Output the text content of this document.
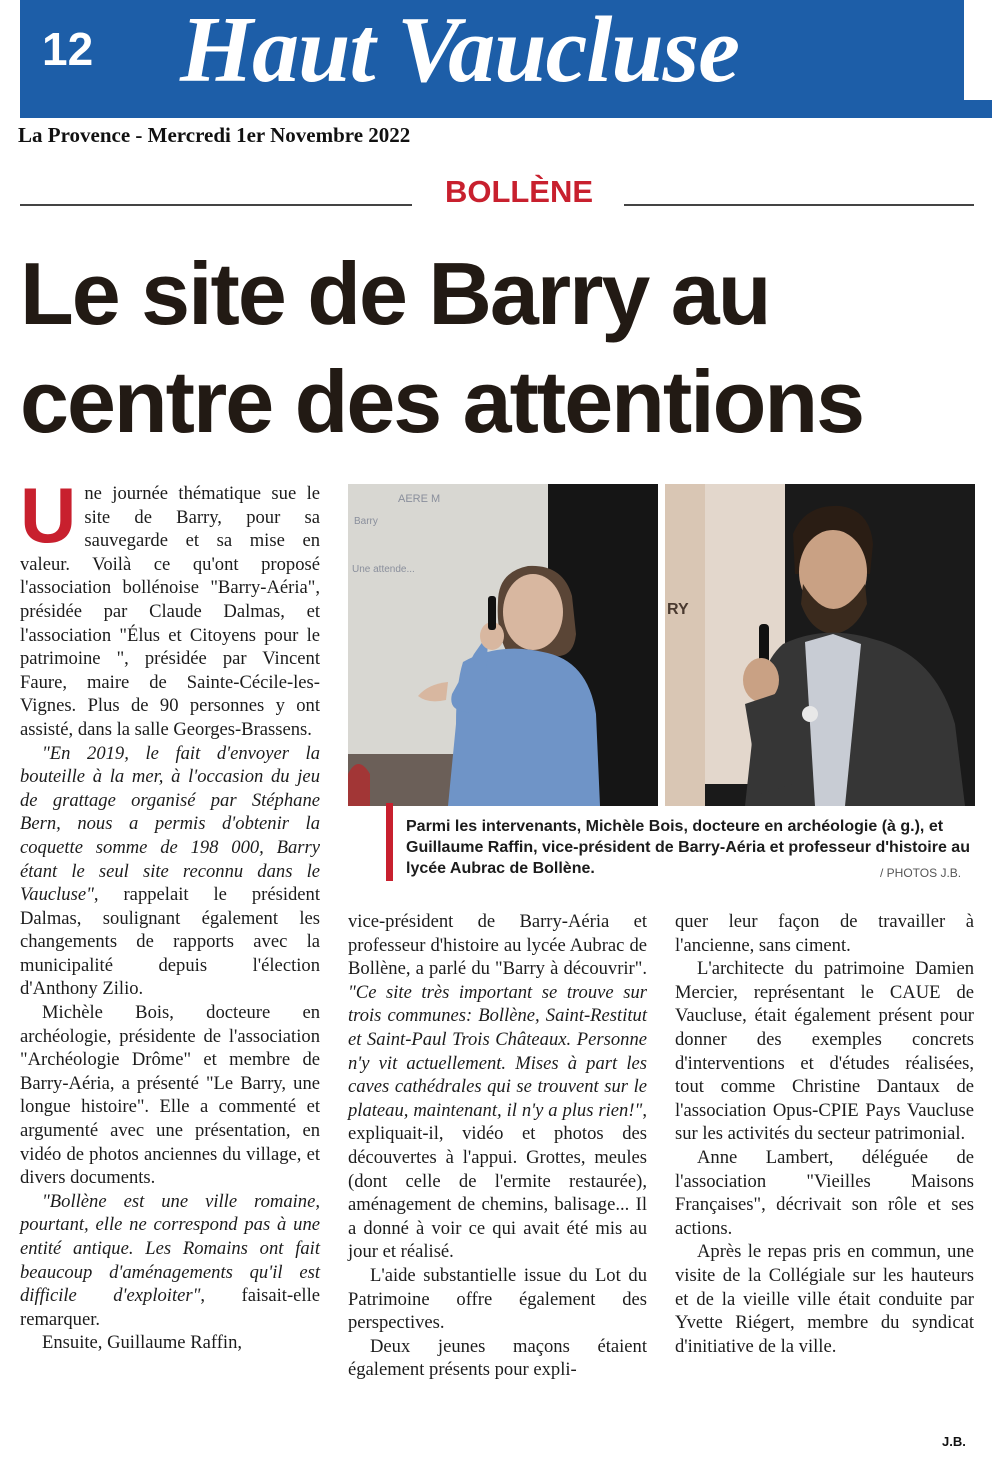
12 Haut Vaucluse
La Provence - Mercredi 1er Novembre 2022
BOLLÈNE
Le site de Barry au
centre des attentions

Une journée thématique sue le site de Barry, pour sa sauvegarde et sa mise en valeur. Voilà ce qu'ont proposé l'association bollénoise "Barry-Aéria", présidée par Claude Dalmas, et l'association "Élus et Citoyens pour le patrimoine ", présidée par Vincent Faure, maire de Sainte-Cécile-les-Vignes. Plus de 90 personnes y ont assisté, dans la salle Georges-Brassens.

"En 2019, le fait d'envoyer la bouteille à la mer, à l'occasion du jeu de grattage organisé par Stéphane Bern, nous a permis d'obtenir la coquette somme de 198 000, Barry étant le seul site reconnu dans le Vaucluse", rappelait le président Dalmas, soulignant également les changements de rapports avec la municipalité depuis l'élection d'Anthony Zilio.

Michèle Bois, docteure en archéologie, présidente de l'association "Archéologie Drôme" et membre de Barry-Aéria, a présenté "Le Barry, une longue histoire". Elle a commenté et argumenté avec une présentation, en vidéo de photos anciennes du village, et divers documents.

"Bollène est une ville romaine, pourtant, elle ne correspond pas à une entité antique. Les Romains ont fait beaucoup d'aménagements qu'il est difficile d'exploiter", faisait-elle remarquer.

Ensuite, Guillaume Raffin,

AERE M
Barry
Une attende...
RY
Parmi les intervenants, Michèle Bois, docteure en archéologie (à g.), et Guillaume Raffin, vice-président de Barry-Aéria et professeur d'histoire au lycée Aubrac de Bollène.	/ PHOTOS J.B.

vice-président de Barry-Aéria et professeur d'histoire au lycée Aubrac de Bollène, a parlé du "Barry à découvrir". "Ce site très important se trouve sur trois communes: Bollène, Saint-Restitut et Saint-Paul Trois Châteaux. Personne n'y vit actuellement. Mises à part les caves cathédrales qui se trouvent sur le plateau, maintenant, il n'y a plus rien!", expliquait-il, vidéo et photos des découvertes à l'appui. Grottes, meules (dont celle de l'ermite restaurée), aménagement de chemins, balisage... Il a donné à voir ce qui avait été mis au jour et réalisé.

L'aide substantielle issue du Lot du Patrimoine offre également des perspectives.

Deux jeunes maçons étaient également présents pour expli-

quer leur façon de travailler à l'ancienne, sans ciment.

L'architecte du patrimoine Damien Mercier, représentant le CAUE de Vaucluse, était également présent pour donner des exemples concrets d'interventions et d'études réalisées, tout comme Christine Dantaux de l'association Opus-CPIE Pays Vaucluse sur les activités du secteur patrimonial.

Anne Lambert, déléguée de l'association "Vieilles Maisons Françaises", décrivait son rôle et ses actions.

Après le repas pris en commun, une visite de la Collégiale sur les hauteurs et de la vieille ville était conduite par Yvette Riégert, membre du syndicat d'initiative de la ville.

J.B.
